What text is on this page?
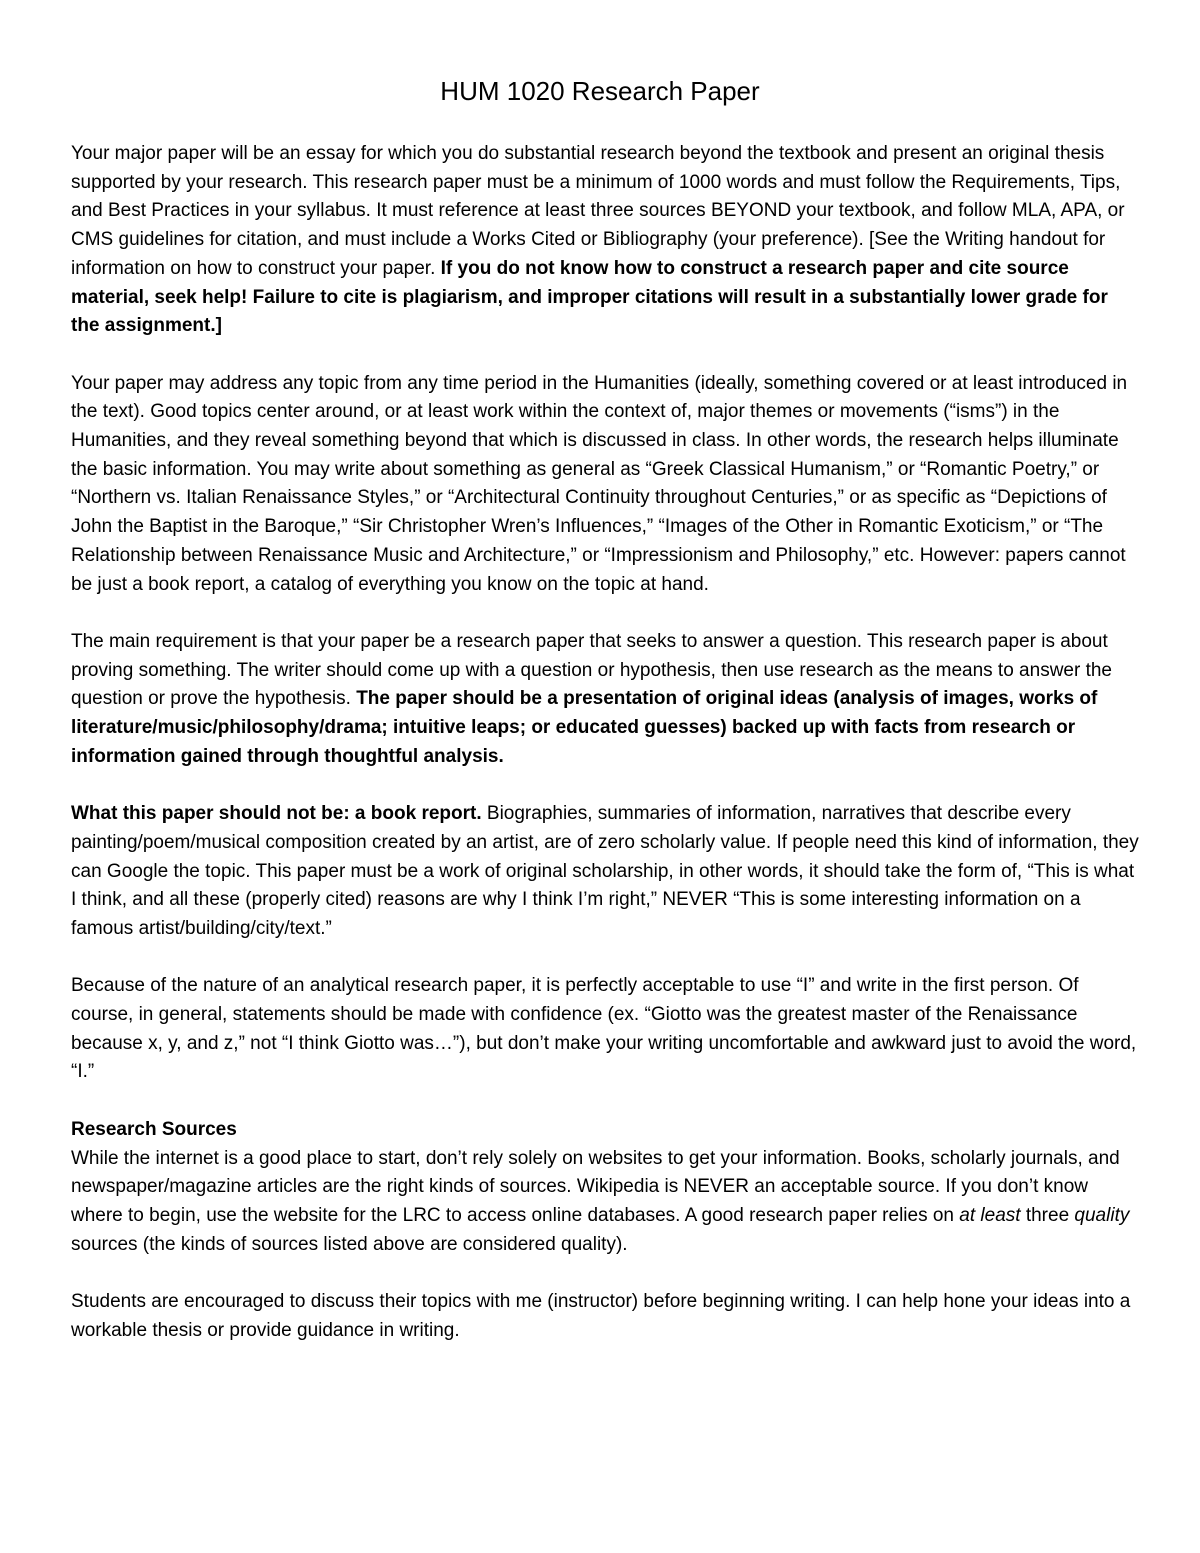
HUM 1020 Research Paper

Your major paper will be an essay for which you do substantial research beyond the textbook and present an original thesis supported by your research. This research paper must be a minimum of 1000 words and must follow the Requirements, Tips, and Best Practices in your syllabus. It must reference at least three sources BEYOND your textbook, and follow MLA, APA, or CMS guidelines for citation, and must include a Works Cited or Bibliography (your preference). [See the Writing handout for information on how to construct your paper. If you do not know how to construct a research paper and cite source material, seek help! Failure to cite is plagiarism, and improper citations will result in a substantially lower grade for the assignment.]

Your paper may address any topic from any time period in the Humanities (ideally, something covered or at least introduced in the text). Good topics center around, or at least work within the context of, major themes or movements (“isms”) in the Humanities, and they reveal something beyond that which is discussed in class. In other words, the research helps illuminate the basic information. You may write about something as general as “Greek Classical Humanism,” or “Romantic Poetry,” or “Northern vs. Italian Renaissance Styles,” or “Architectural Continuity throughout Centuries,” or as specific as “Depictions of John the Baptist in the Baroque,” “Sir Christopher Wren’s Influences,” “Images of the Other in Romantic Exoticism,” or “The Relationship between Renaissance Music and Architecture,” or “Impressionism and Philosophy,” etc. However: papers cannot be just a book report, a catalog of everything you know on the topic at hand.

The main requirement is that your paper be a research paper that seeks to answer a question. This research paper is about proving something. The writer should come up with a question or hypothesis, then use research as the means to answer the question or prove the hypothesis. The paper should be a presentation of original ideas (analysis of images, works of literature/music/philosophy/drama; intuitive leaps; or educated guesses) backed up with facts from research or information gained through thoughtful analysis.

What this paper should not be: a book report. Biographies, summaries of information, narratives that describe every painting/poem/musical composition created by an artist, are of zero scholarly value. If people need this kind of information, they can Google the topic. This paper must be a work of original scholarship, in other words, it should take the form of, “This is what I think, and all these (properly cited) reasons are why I think I’m right,” NEVER “This is some interesting information on a famous artist/building/city/text.”

Because of the nature of an analytical research paper, it is perfectly acceptable to use “I” and write in the first person. Of course, in general, statements should be made with confidence (ex. “Giotto was the greatest master of the Renaissance because x, y, and z,” not “I think Giotto was…”), but don’t make your writing uncomfortable and awkward just to avoid the word, “I.”

Research Sources
While the internet is a good place to start, don’t rely solely on websites to get your information. Books, scholarly journals, and newspaper/magazine articles are the right kinds of sources. Wikipedia is NEVER an acceptable source. If you don’t know where to begin, use the website for the LRC to access online databases. A good research paper relies on at least three quality sources (the kinds of sources listed above are considered quality).

Students are encouraged to discuss their topics with me (instructor) before beginning writing. I can help hone your ideas into a workable thesis or provide guidance in writing.
